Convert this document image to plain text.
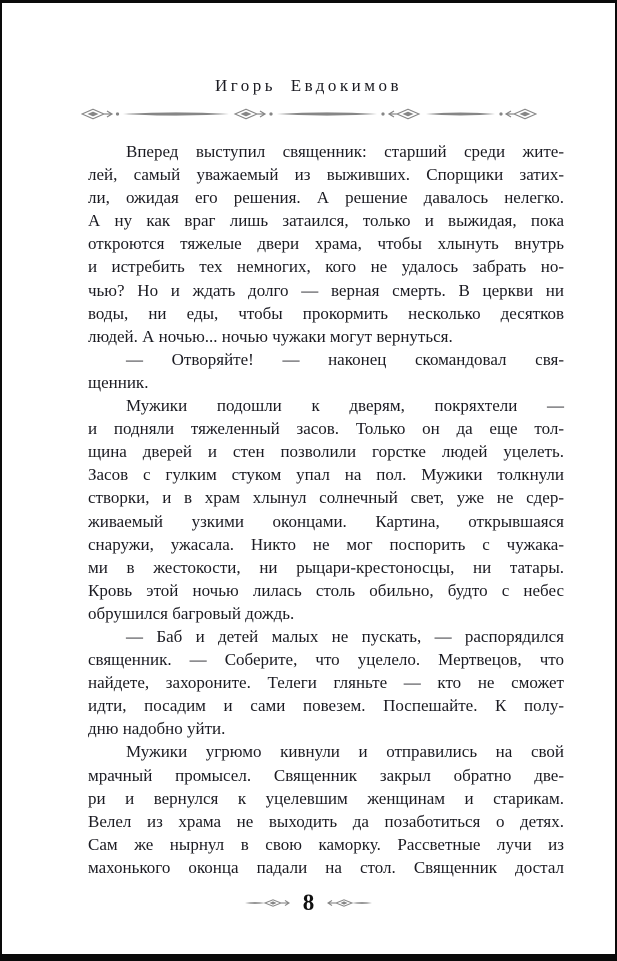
Игорь Евдокимов
Вперед выступил священник: старший среди жите-
лей, самый уважаемый из выживших. Спорщики затих-
ли, ожидая его решения. А решение давалось нелегко.
А ну как враг лишь затаился, только и выжидая, пока
откроются тяжелые двери храма, чтобы хлынуть внутрь
и истребить тех немногих, кого не удалось забрать но-
чью? Но и ждать долго — верная смерть. В церкви ни
воды, ни еды, чтобы прокормить несколько десятков
людей. А ночью... ночью чужаки могут вернуться.
— Отворяйте! — наконец скомандовал свя-
щенник.
Мужики подошли к дверям, покряхтели —
и подняли тяжеленный засов. Только он да еще тол-
щина дверей и стен позволили горстке людей уцелеть.
Засов с гулким стуком упал на пол. Мужики толкнули
створки, и в храм хлынул солнечный свет, уже не сдер-
живаемый узкими оконцами. Картина, открывшаяся
снаружи, ужасала. Никто не мог поспорить с чужака-
ми в жестокости, ни рыцари-крестоносцы, ни татары.
Кровь этой ночью лилась столь обильно, будто с небес
обрушился багровый дождь.
— Баб и детей малых не пускать, — распорядился
священник. — Соберите, что уцелело. Мертвецов, что
найдете, захороните. Телеги гляньте — кто не сможет
идти, посадим и сами повезем. Поспешайте. К полу-
дню надобно уйти.
Мужики угрюмо кивнули и отправились на свой
мрачный промысел. Священник закрыл обратно две-
ри и вернулся к уцелевшим женщинам и старикам.
Велел из храма не выходить да позаботиться о детях.
Сам же нырнул в свою каморку. Рассветные лучи из
махонького оконца падали на стол. Священник достал
8
